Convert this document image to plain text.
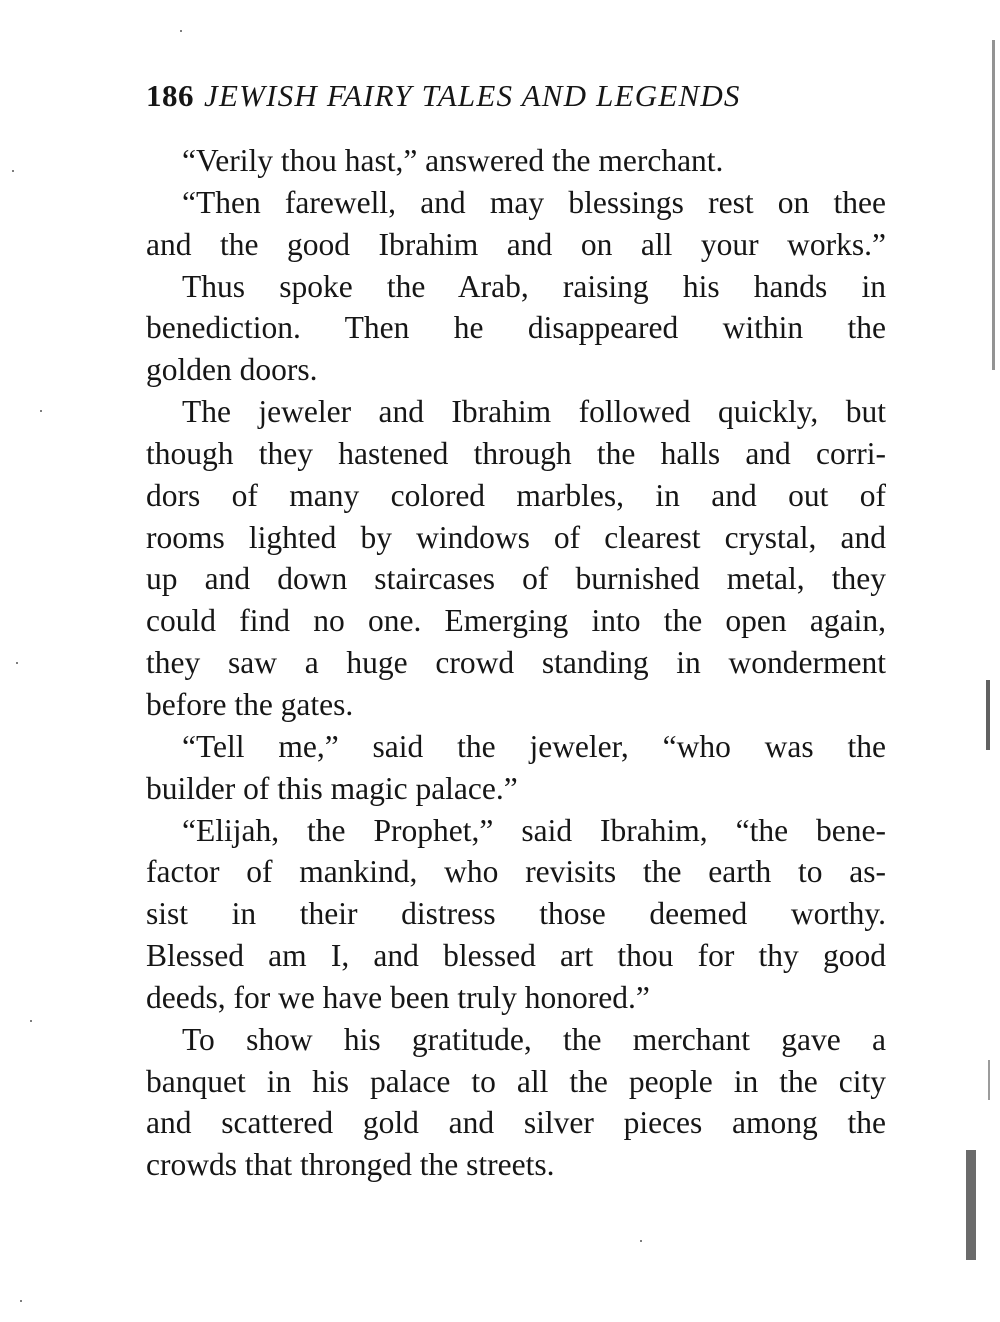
186 JEWISH FAIRY TALES AND LEGENDS
“Verily thou hast,” answered the merchant.
“Then farewell, and may blessings rest on thee
and the good Ibrahim and on all your works.”
Thus spoke the Arab, raising his hands in
benediction. Then he disappeared within the
golden doors.
The jeweler and Ibrahim followed quickly, but
though they hastened through the halls and corri-
dors of many colored marbles, in and out of
rooms lighted by windows of clearest crystal, and
up and down staircases of burnished metal, they
could find no one. Emerging into the open again,
they saw a huge crowd standing in wonderment
before the gates.
“Tell me,” said the jeweler, “who was the
builder of this magic palace.”
“Elijah, the Prophet,” said Ibrahim, “the bene-
factor of mankind, who revisits the earth to as-
sist in their distress those deemed worthy.
Blessed am I, and blessed art thou for thy good
deeds, for we have been truly honored.”
To show his gratitude, the merchant gave a
banquet in his palace to all the people in the city
and scattered gold and silver pieces among the
crowds that thronged the streets.
